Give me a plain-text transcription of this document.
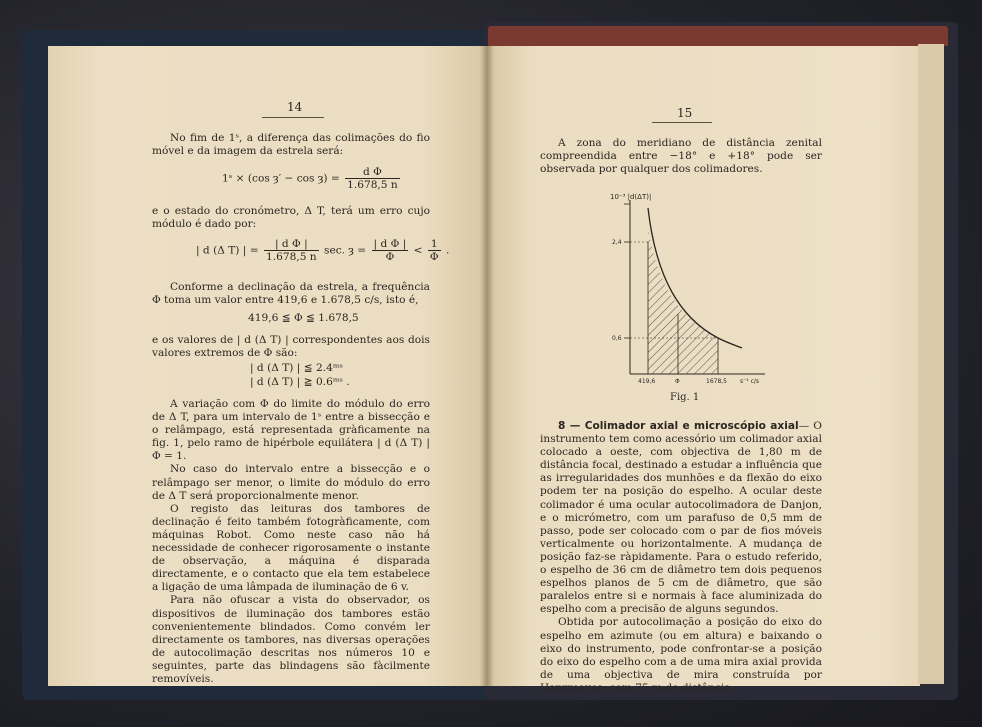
14

No fim de 1ˢ, a diferença das colimações do fio móvel e da imagem da estrela será:

1ˢ × (cos ȝ′ − cos ȝ) = $\frac{\text{d Φ}}{1.678,5 n}$

e o estado do cronómetro, Δ T, terá um erro cujo módulo é dado por:

| d (Δ T) | = $\frac{\text{| d Φ |}}{1.678,5 n} \sec$. ȝ = $\frac{\text{| d Φ |}}{\Phi} < \frac{1}{\Phi}$ .

Conforme a declinação da estrela, a frequência Φ toma um valor entre 419,6 e 1.678,5 c/s, isto é,

419,6 ≦ Φ ≦ 1.678,5

e os valores de | d (Δ T) | correspondentes aos dois valores extremos de Φ são:

| d (Δ T) | ≦ 2.4ᵐˢ
| d (Δ T) | ≧ 0.6ᵐˢ .

A variação com Φ do limite do módulo do erro de Δ T, para um intervalo de 1ˢ entre a bissecção e o relâmpago, está representada gràficamente na fig. 1, pelo ramo de hipérbole equilátera | d (Δ T) | Φ = 1.

No caso do intervalo entre a bissecção e o relâmpago ser menor, o limite do módulo do erro de Δ T será proporcionalmente menor.

O registo das leituras dos tambores de declinação é feito também fotogràficamente, com máquinas Robot. Como neste caso não há necessidade de conhecer rigorosamente o instante de observação, a máquina é disparada directamente, e o contacto que ela tem estabelece a ligação de uma lâmpada de iluminação de 6 v.

Para não ofuscar a vista do observador, os dispositivos de iluminação dos tambores estão convenientemente blindados. Como convém ler directamente os tambores, nas diversas operações de autocolimação descritas nos números 10 e seguintes, parte das blindagens são fàcilmente removíveis.

15

A zona do meridiano de distância zenital compreendida entre −18° e +18° pode ser observada por qualquer dos colimadores.

10⁻³ |d(ΔT)|
2,4
0,6
419,6	Φ	1678,5 s⁻¹ c/s
Fig. 1

8 — Colimador axial e microscópio axial— O instrumento tem como acessório um colimador axial colocado a oeste, com objectiva de 1,80 m de distância focal, destinado a estudar a influência que as irregularidades dos munhões e da flexão do eixo podem ter na posição do espelho. A ocular deste colimador é uma ocular autocolimadora de Danjon, e o micrómetro, com um parafuso de 0,5 mm de passo, pode ser colocado com o par de fios móveis verticalmente ou horizontalmente. A mudança de posição faz-se ràpidamente. Para o estudo referido, o espelho de 36 cm de diâmetro tem dois pequenos espelhos planos de 5 cm de diâmetro, que são paralelos entre si e normais à face aluminizada do espelho com a precisão de alguns segundos.

Obtida por autocolimação a posição do eixo do espelho em azimute (ou em altura) e baixando o eixo do instrumento, pode confrontar-se a posição do eixo do espelho com a de uma mira axial provida de uma objectiva de mira construída por Hargreaves, com 75 m de distância
